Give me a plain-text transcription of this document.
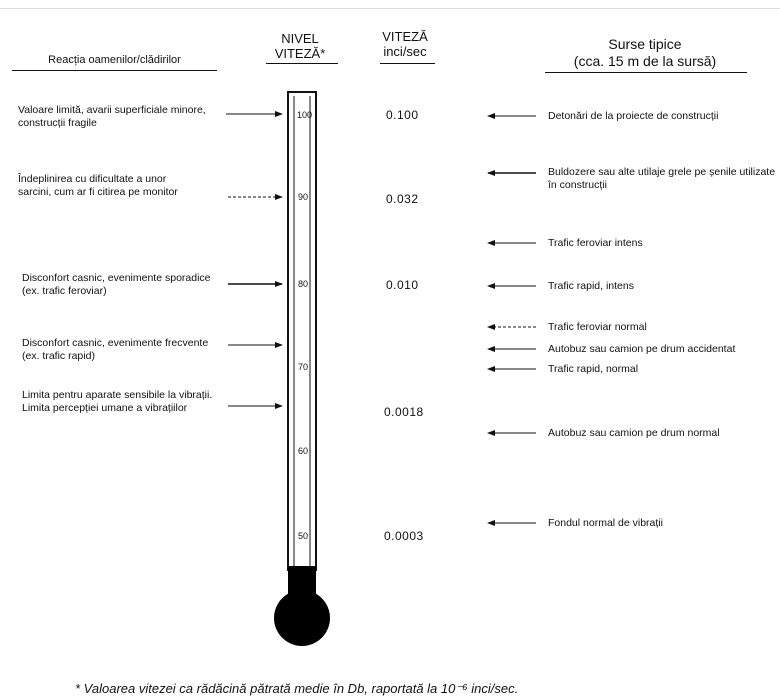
Reacția oamenilor/clădirilor
NIVEL
VITEZĂ*
VITEZĂ
inci/sec	Surse tipice
(cca. 15 m de la sursă)
Valoare limită, avarii superficiale minore, construcții fragile
Îndeplinirea cu dificultate a unor sarcini, cum ar fi citirea pe monitor
Disconfort casnic, evenimente sporadice (ex. trafic feroviar)
Disconfort casnic, evenimente frecvente (ex. trafic rapid)
Limita pentru aparate sensibile la vibrații. Limita percepției umane a vibrațiilor
100
90
80
70
60
50
0.100
0.032
0.010
0.0018
0.0003
Detonări de la proiecte de construcții
Buldozere sau alte utilaje grele pe șenile utilizate în construcții
Trafic feroviar intens
Trafic rapid, intens
Trafic feroviar normal
Autobuz sau camion pe drum accidentat
Trafic rapid, normal
Autobuz sau camion pe drum normal
Fondul normal de vibrații
* Valoarea vitezei ca rădăcină pătrată medie în Db, raportată la 10⁻⁶ inci/sec.
